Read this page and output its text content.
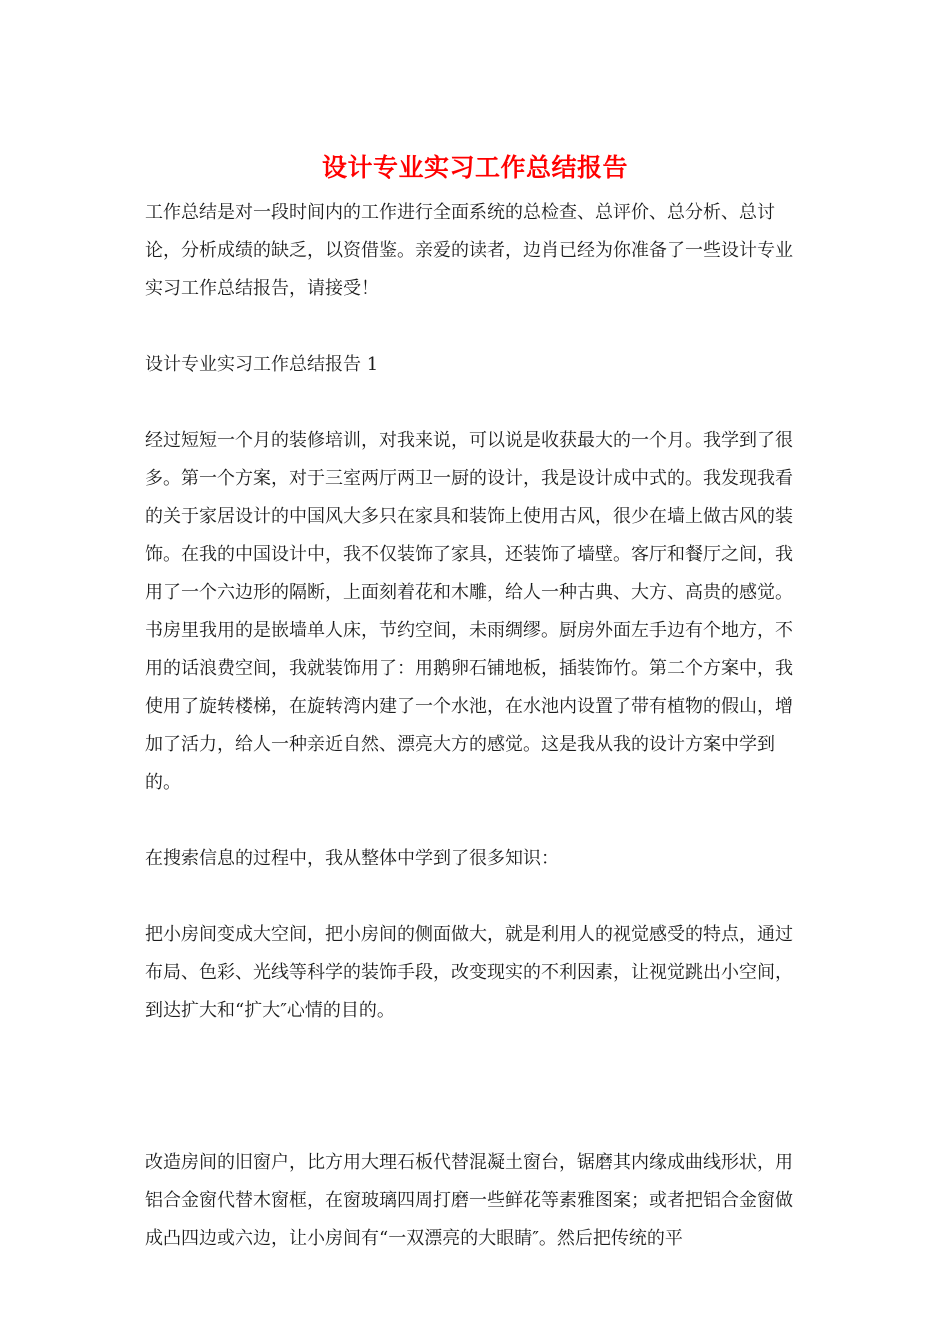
设计专业实习工作总结报告

工作总结是对一段时间内的工作进行全面系统的总检查、总评价、总分析、总讨论，分析成绩的缺乏，以资借鉴。亲爱的读者，边肖已经为你准备了一些设计专业实习工作总结报告，请接受！

设计专业实习工作总结报告 1

经过短短一个月的装修培训，对我来说，可以说是收获最大的一个月。我学到了很多。第一个方案，对于三室两厅两卫一厨的设计，我是设计成中式的。我发现我看的关于家居设计的中国风大多只在家具和装饰上使用古风，很少在墙上做古风的装饰。在我的中国设计中，我不仅装饰了家具，还装饰了墙壁。客厅和餐厅之间，我用了一个六边形的隔断，上面刻着花和木雕，给人一种古典、大方、高贵的感觉。书房里我用的是嵌墙单人床，节约空间，未雨绸缪。厨房外面左手边有个地方，不用的话浪费空间，我就装饰用了：用鹅卵石铺地板，插装饰竹。第二个方案中，我使用了旋转楼梯，在旋转湾内建了一个水池，在水池内设置了带有植物的假山，增加了活力，给人一种亲近自然、漂亮大方的感觉。这是我从我的设计方案中学到的。

在搜索信息的过程中，我从整体中学到了很多知识：

把小房间变成大空间，把小房间的侧面做大，就是利用人的视觉感受的特点，通过布局、色彩、光线等科学的装饰手段，改变现实的不利因素，让视觉跳出小空间，到达扩大和“扩大″心情的目的。

改造房间的旧窗户，比方用大理石板代替混凝土窗台，锯磨其内缘成曲线形状，用铝合金窗代替木窗框，在窗玻璃四周打磨一些鲜花等素雅图案；或者把铝合金窗做成凸四边或六边，让小房间有“一双漂亮的大眼睛″。然后把传统的平
